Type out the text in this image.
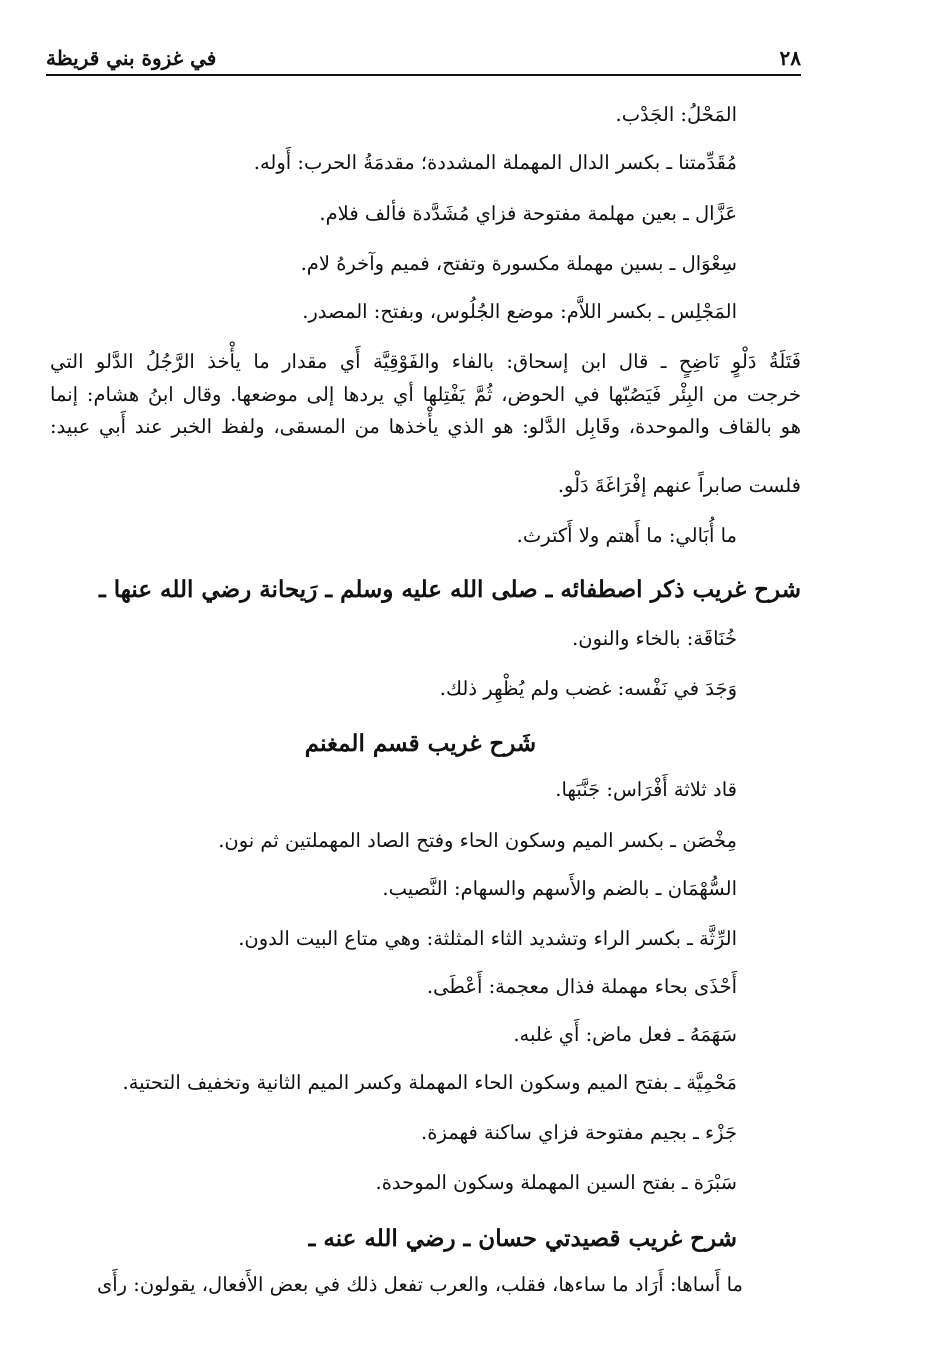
٢٨
في غزوة بني قريظة
المَحْلُ: الجَدْب.
مُقَدِّمتنا ـ بكسر الدال المهملة المشددة؛ مقدمَةُ الحرب: أَوله.
عَزَّال ـ بعين مهلمة مفتوحة فزاي مُشَدَّدة فألف فلام.
سِعْوَال ـ بسين مهملة مكسورة وتفتح، فميم وآخرهُ لام.
المَجْلِس ـ بكسر اللاَّم: موضع الجُلُوس، وبفتح: المصدر.
فَتَلَةُ دَلْوٍ نَاضِحٍ ـ قال ابن إسحاق: بالفاء والفَوْقِيَّة أَي مقدار ما يأْخذ الرَّجُلُ الدَّلو التي
خرجت من البِئْر فَيَصُبّها في الحوض، ثُمَّ يَفْتِلها أي يردها إلى موضعها. وقال ابنُ هشام: إنما
هو بالقاف والموحدة، وقَابِل الدَّلو: هو الذي يأْخذها من المسقى، ولفظ الخبر عند أَبي عبيد:
فلست صابراً عنهم إفْرَاغَةَ دَلْو.
ما أُبَالي: ما أَهتم ولا أَكترث.
شرح غريب ذكر اصطفائه ـ صلى الله عليه وسلم ـ رَيحانة رضي الله عنها ـ
خُنَاقَة: بالخاء والنون.
وَجَدَ في نَفْسه: غضب ولم يُظْهِر ذلك.
شَرح غريب قسم المغنم
قاد ثلاثة أَفْرَاس: جَنَّبَها.
مِخْصَن ـ بكسر الميم وسكون الحاء وفتح الصاد المهملتين ثم نون.
السُّهْمَان ـ بالضم والأَسهم والسهام: النَّصيب.
الرِّثَّة ـ بكسر الراء وتشديد الثاء المثلثة: وهي متاع البيت الدون.
أَحْذَى بحاء مهملة فذال معجمة: أَعْطَى.
سَهَمَهُ ـ فعل ماض: أَي غلبه.
مَحْمِيَّة ـ بفتح الميم وسكون الحاء المهملة وكسر الميم الثانية وتخفيف التحتية.
جَزْء ـ بجيم مفتوحة فزاي ساكنة فهمزة.
سَبْرَة ـ بفتح السين المهملة وسكون الموحدة.
شرح غريب قصيدتي حسان ـ رضي الله عنه ـ
ما أَساها: أَرَاد ما ساءها، فقلب، والعرب تفعل ذلك في بعض الأَفعال، يقولون: رأَى
